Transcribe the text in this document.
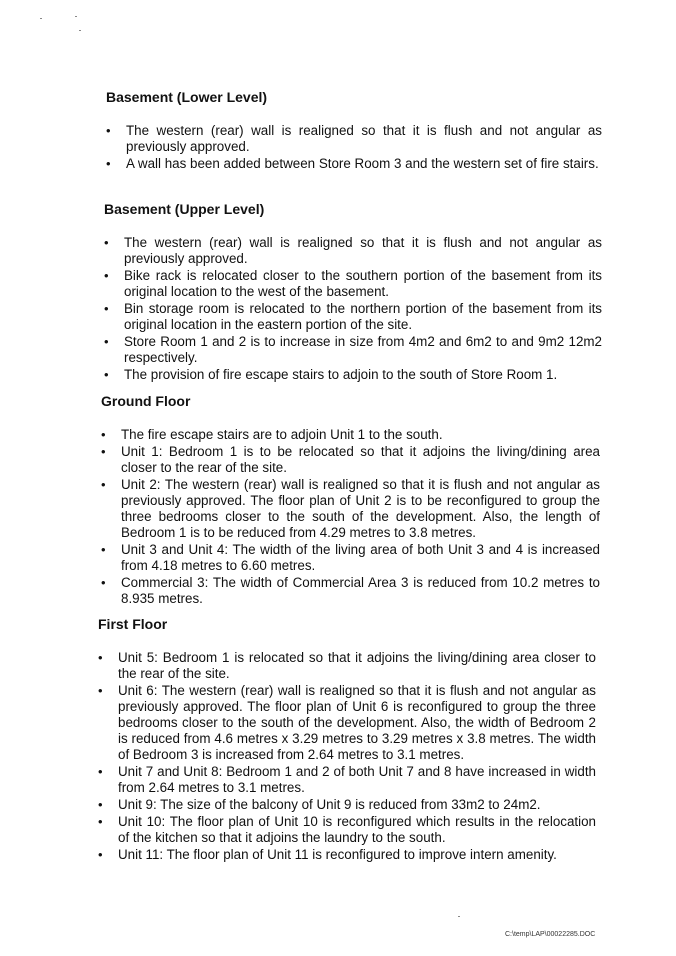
Basement (Lower Level)

• The western (rear) wall is realigned so that it is flush and not angular as previously approved.
• A wall has been added between Store Room 3 and the western set of fire stairs.

Basement (Upper Level)

• The western (rear) wall is realigned so that it is flush and not angular as previously approved.
• Bike rack is relocated closer to the southern portion of the basement from its original location to the west of the basement.
• Bin storage room is relocated to the northern portion of the basement from its original location in the eastern portion of the site.
• Store Room 1 and 2 is to increase in size from 4m2 and 6m2 to and 9m2 12m2 respectively.
• The provision of fire escape stairs to adjoin to the south of Store Room 1.

Ground Floor

• The fire escape stairs are to adjoin Unit 1 to the south.
• Unit 1: Bedroom 1 is to be relocated so that it adjoins the living/dining area closer to the rear of the site.
• Unit 2: The western (rear) wall is realigned so that it is flush and not angular as previously approved. The floor plan of Unit 2 is to be reconfigured to group the three bedrooms closer to the south of the development. Also, the length of Bedroom 1 is to be reduced from 4.29 metres to 3.8 metres.
• Unit 3 and Unit 4: The width of the living area of both Unit 3 and 4 is increased from 4.18 metres to 6.60 metres.
• Commercial 3: The width of Commercial Area 3 is reduced from 10.2 metres to 8.935 metres.

First Floor

• Unit 5: Bedroom 1 is relocated so that it adjoins the living/dining area closer to the rear of the site.
• Unit 6: The western (rear) wall is realigned so that it is flush and not angular as previously approved. The floor plan of Unit 6 is reconfigured to group the three bedrooms closer to the south of the development. Also, the width of Bedroom 2 is reduced from 4.6 metres x 3.29 metres to 3.29 metres x 3.8 metres. The width of Bedroom 3 is increased from 2.64 metres to 3.1 metres.
• Unit 7 and Unit 8: Bedroom 1 and 2 of both Unit 7 and 8 have increased in width from 2.64 metres to 3.1 metres.
• Unit 9: The size of the balcony of Unit 9 is reduced from 33m2 to 24m2.
• Unit 10: The floor plan of Unit 10 is reconfigured which results in the relocation of the kitchen so that it adjoins the laundry to the south.
• Unit 11: The floor plan of Unit 11 is reconfigured to improve intern amenity.
C:\temp\LAP\00022285.DOC
